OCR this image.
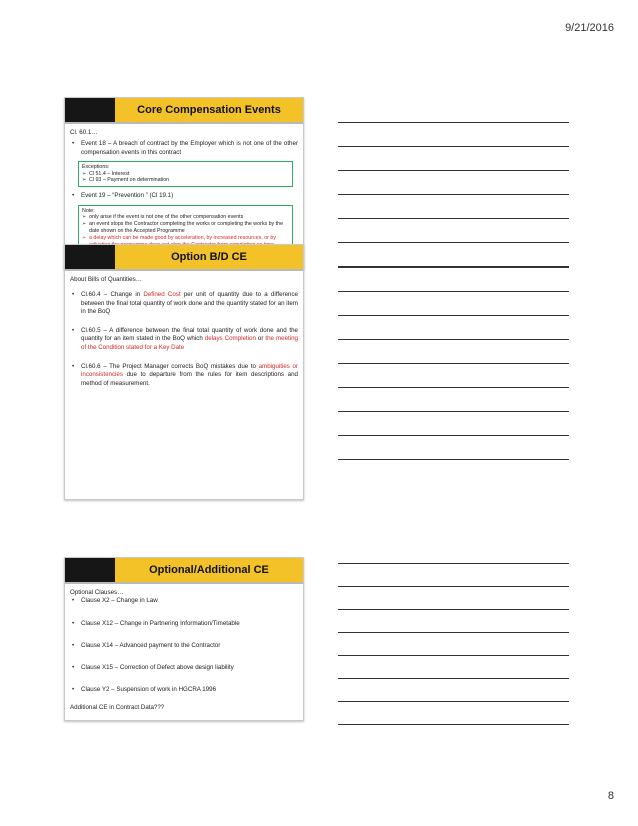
9/21/2016
Core Compensation Events
Cl. 60.1…
• Event 18 – A breach of contract by the Employer which is not one of the other compensation events in this contract
Exceptions:
➢ Cl 51.4 – Interest
➢ Cl 93 – Payment on determination
• Event 19 – “Prevention ” (Cl 19.1)
Note:
➢ only arise if the event is not one of the other compensation events
➢ an event stops the Contractor completing the works or completing the works by the date shown on the Accepted Programme
➢ a delay which can be made good by acceleration, by increased resources, or by
8
Option B/D CE
About Bills of Quantities…
• Cl.60.4 – Change in Defined Cost per unit of quantity due to a difference between the final total quantity of work done and the quantity stated for an item in the BoQ
• Cl.60.5 – A difference between the final total quantity of work done and the quantity for an item stated in the BoQ which delays Completion or the meeting of the Condition stated for a Key Date
• Cl.60.6 – The Project Manager corrects BoQ mistakes due to ambiguities or inconsistencies due to departure from the rules for item descriptions and method of measurement.
Optional/Additional CE
Optional Clauses…
• Clause X2 – Change in Law
• Clause X12 – Change in Partnering Information/Timetable
• Clause X14 – Advanced payment to the Contractor
• Clause X15 – Correction of Defect above design liability
• Clause Y2 – Suspension of work in HGCRA 1996
Additional CE in Contract Data???
